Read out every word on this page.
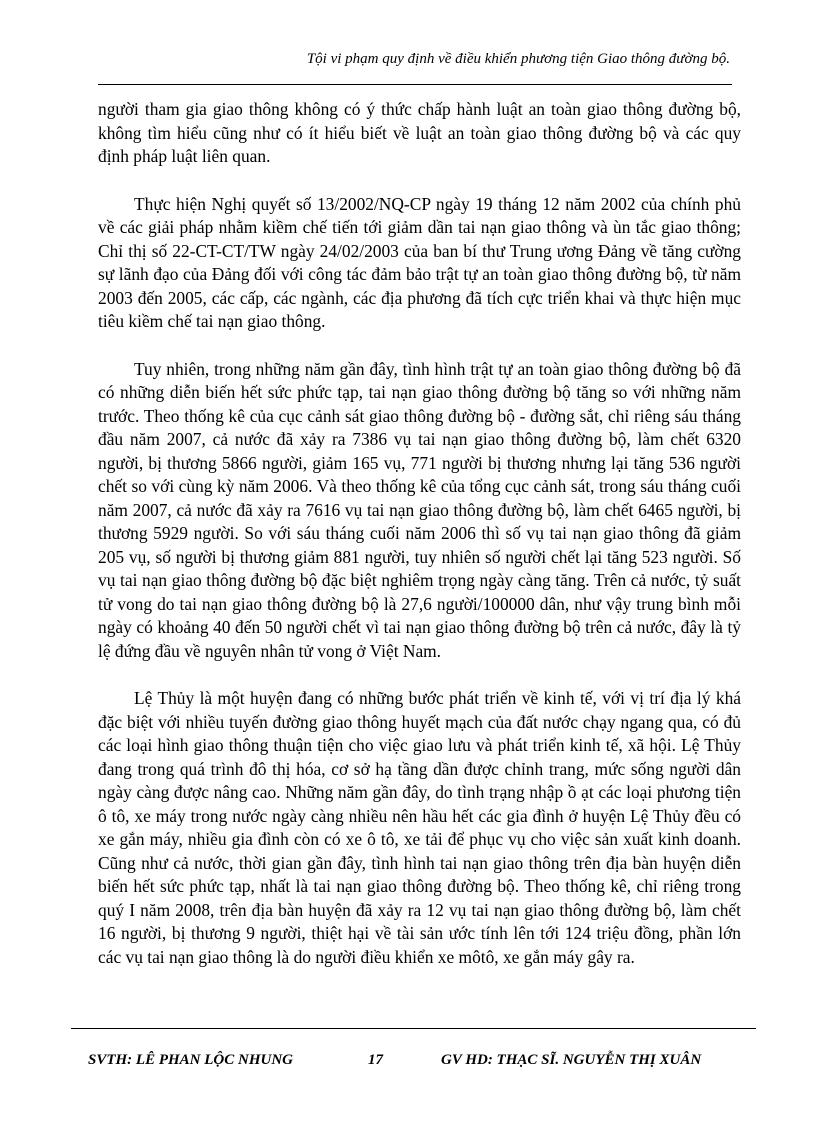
Tội vi phạm quy định về điều khiển phương tiện Giao thông đường bộ.

người tham gia giao thông không có ý thức chấp hành luật an toàn giao thông đường bộ, không tìm hiểu cũng như có ít hiểu biết về luật an toàn giao thông đường bộ và các quy định pháp luật liên quan.

Thực hiện Nghị quyết số 13/2002/NQ-CP ngày 19 tháng 12 năm 2002 của chính phủ về các giải pháp nhằm kiềm chế tiến tới giảm dần tai nạn giao thông và ùn tắc giao thông; Chỉ thị số 22-CT-CT/TW ngày 24/02/2003 của ban bí thư Trung ương Đảng về tăng cường sự lãnh đạo của Đảng đối với công tác đảm bảo trật tự an toàn giao thông đường bộ, từ năm 2003 đến 2005, các cấp, các ngành, các địa phương đã tích cực triển khai và thực hiện mục tiêu kiềm chế tai nạn giao thông.

Tuy nhiên, trong những năm gần đây, tình hình trật tự an toàn giao thông đường bộ đã có những diễn biến hết sức phức tạp, tai nạn giao thông đường bộ tăng so với những năm trước. Theo thống kê của cục cảnh sát giao thông đường bộ - đường sắt, chỉ riêng sáu tháng đầu năm 2007, cả nước đã xảy ra 7386 vụ tai nạn giao thông đường bộ, làm chết 6320 người, bị thương 5866 người, giảm 165 vụ, 771 người bị thương nhưng lại tăng 536 người chết so với cùng kỳ năm 2006. Và theo thống kê của tổng cục cảnh sát, trong sáu tháng cuối năm 2007, cả nước đã xảy ra 7616 vụ tai nạn giao thông đường bộ, làm chết 6465 người, bị thương 5929 người. So với sáu tháng cuối năm 2006 thì số vụ tai nạn giao thông đã giảm 205 vụ, số người bị thương giảm 881 người, tuy nhiên số người chết lại tăng 523 người. Số vụ tai nạn giao thông đường bộ đặc biệt nghiêm trọng ngày càng tăng. Trên cả nước, tỷ suất tử vong do tai nạn giao thông đường bộ là 27,6 người/100000 dân, như vậy trung bình mỗi ngày có khoảng 40 đến 50 người chết vì tai nạn giao thông đường bộ trên cả nước, đây là tỷ lệ đứng đầu về nguyên nhân tử vong ở Việt Nam.

Lệ Thủy là một huyện đang có những bước phát triển về kinh tế, với vị trí địa lý khá đặc biệt với nhiều tuyến đường giao thông huyết mạch của đất nước chạy ngang qua, có đủ các loại hình giao thông thuận tiện cho việc giao lưu và phát triển kinh tế, xã hội. Lệ Thủy đang trong quá trình đô thị hóa, cơ sở hạ tầng dần được chỉnh trang, mức sống người dân ngày càng được nâng cao. Những năm gần đây, do tình trạng nhập ồ ạt các loại phương tiện ô tô, xe máy trong nước ngày càng nhiều nên hầu hết các gia đình ở huyện Lệ Thủy đều có xe gắn máy, nhiều gia đình còn có xe ô tô, xe tải để phục vụ cho việc sản xuất kinh doanh. Cũng như cả nước, thời gian gần đây, tình hình tai nạn giao thông trên địa bàn huyện diễn biến hết sức phức tạp, nhất là tai nạn giao thông đường bộ. Theo thống kê, chỉ riêng trong quý I năm 2008, trên địa bàn huyện đã xảy ra 12 vụ tai nạn giao thông đường bộ, làm chết 16 người, bị thương 9 người, thiệt hại về tài sản ước tính lên tới 124 triệu đồng, phần lớn các vụ tai nạn giao thông là do người điều khiển xe môtô, xe gắn máy gây ra.

SVTH: LÊ PHAN LỘC NHUNG	17	GV HD: THẠC SĨ. NGUYỄN THỊ XUÂN
